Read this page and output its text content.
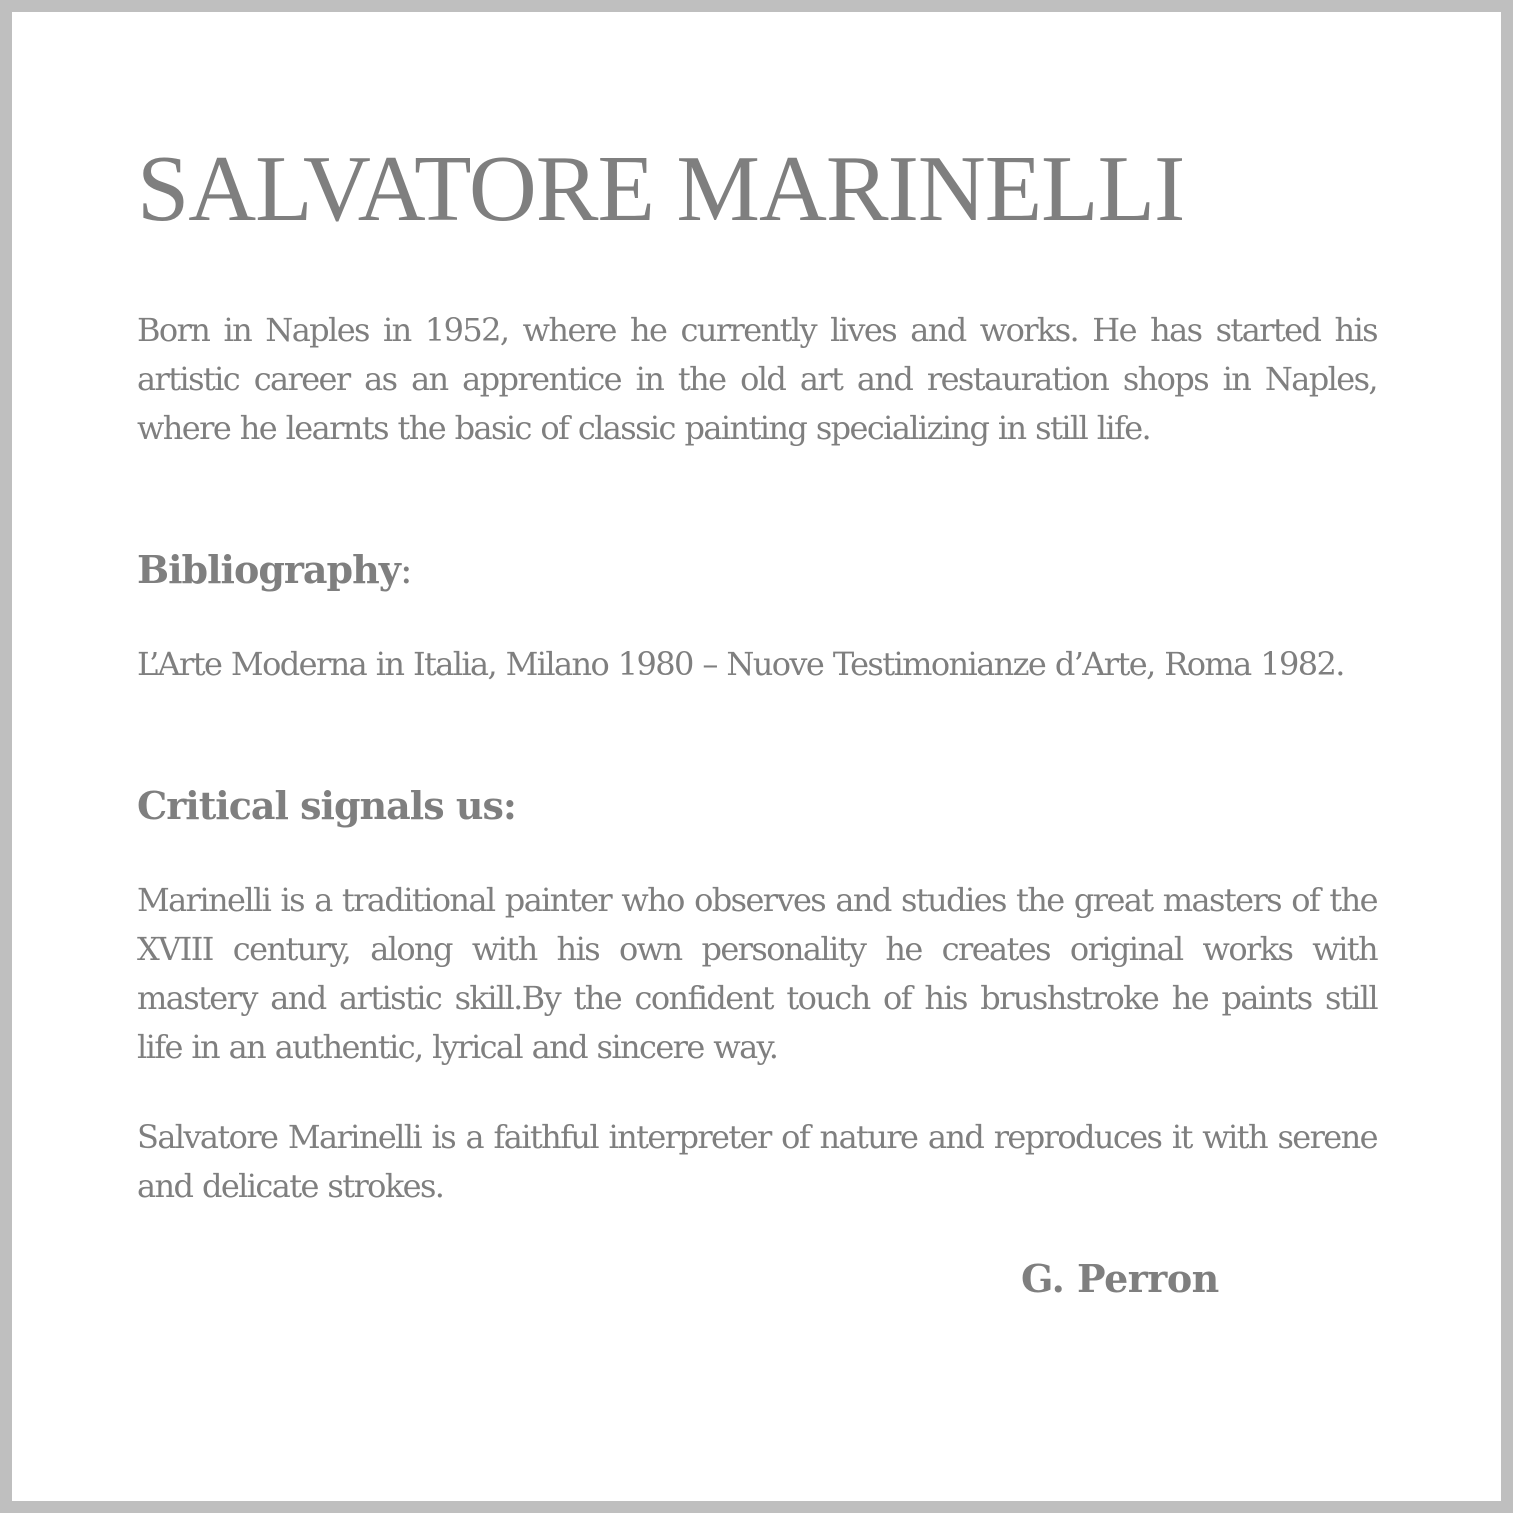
SALVATORE MARINELLI

Born in Naples in 1952, where he currently lives and works. He has started his artistic career as an apprentice in the old art and restauration shops in Naples, where he learnts the basic of classic painting specializing in still life.

Bibliography:

L’Arte Moderna in Italia, Milano 1980 – Nuove Testimonianze d’Arte, Roma 1982.

Critical signals us:

Marinelli is a traditional painter who observes and studies the great masters of the XVIII century, along with his own personality he creates original works with mastery and artistic skill.By the confident touch of his brushstroke he paints still life in an authentic, lyrical and sincere way.

Salvatore Marinelli is a faithful interpreter of nature and reproduces it with serene and delicate strokes.

G. Perron
